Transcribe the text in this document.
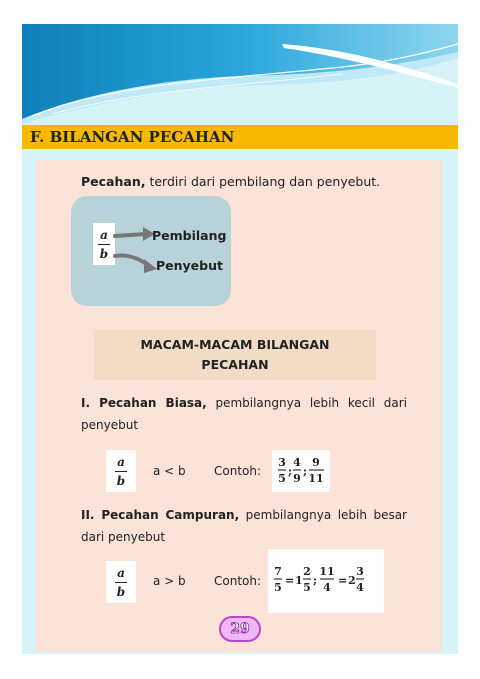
F. BILANGAN PECAHAN
Pecahan, terdiri dari pembilang dan penyebut.
a
b
Pembilang
Penyebut
MACAM-MACAM BILANGAN
PECAHAN
I. Pecahan Biasa, pembilangnya lebih kecil dari penyebut
a
b
a < b Contoh:
3
5
;
4
9
;
9
11
II. Pecahan Campuran, pembilangnya lebih besar dari penyebut
a
b
a > b Contoh:
7
5
= 1
2
5
;
11
4
= 2
3
4
29
